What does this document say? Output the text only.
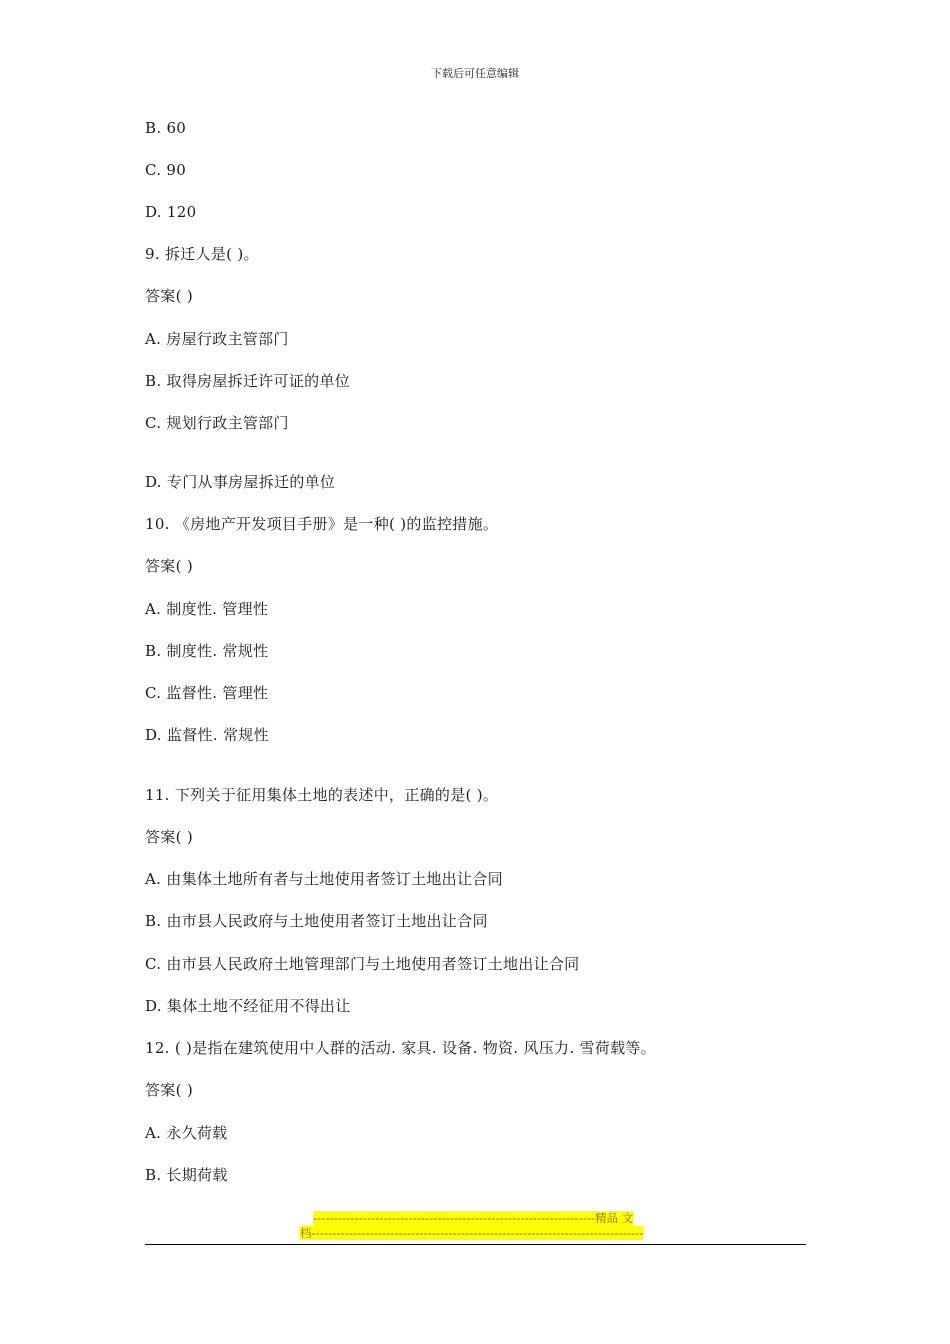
下载后可任意编辑
B. 60
C. 90
D. 120
9. 拆迁人是( )。
答案( )
A. 房屋行政主管部门
B. 取得房屋拆迁许可证的单位
C. 规划行政主管部门
D. 专门从事房屋拆迁的单位
10. 《房地产开发项目手册》是一种( )的监控措施。
答案( )
A. 制度性. 管理性
B. 制度性. 常规性
C. 监督性. 管理性
D. 监督性. 常规性
11. 下列关于征用集体土地的表述中，正确的是( )。
答案( )
A. 由集体土地所有者与土地使用者签订土地出让合同
B. 由市县人民政府与土地使用者签订土地出让合同
C. 由市县人民政府土地管理部门与土地使用者签订土地出让合同
D. 集体土地不经征用不得出让
12. ( )是指在建筑使用中人群的活动. 家具. 设备. 物资. 风压力. 雪荷载等。
答案( )
A. 永久荷载
B. 长期荷载
--------------------------------------------------------------------精品 文
档--------------------------------------------------------------------------------
